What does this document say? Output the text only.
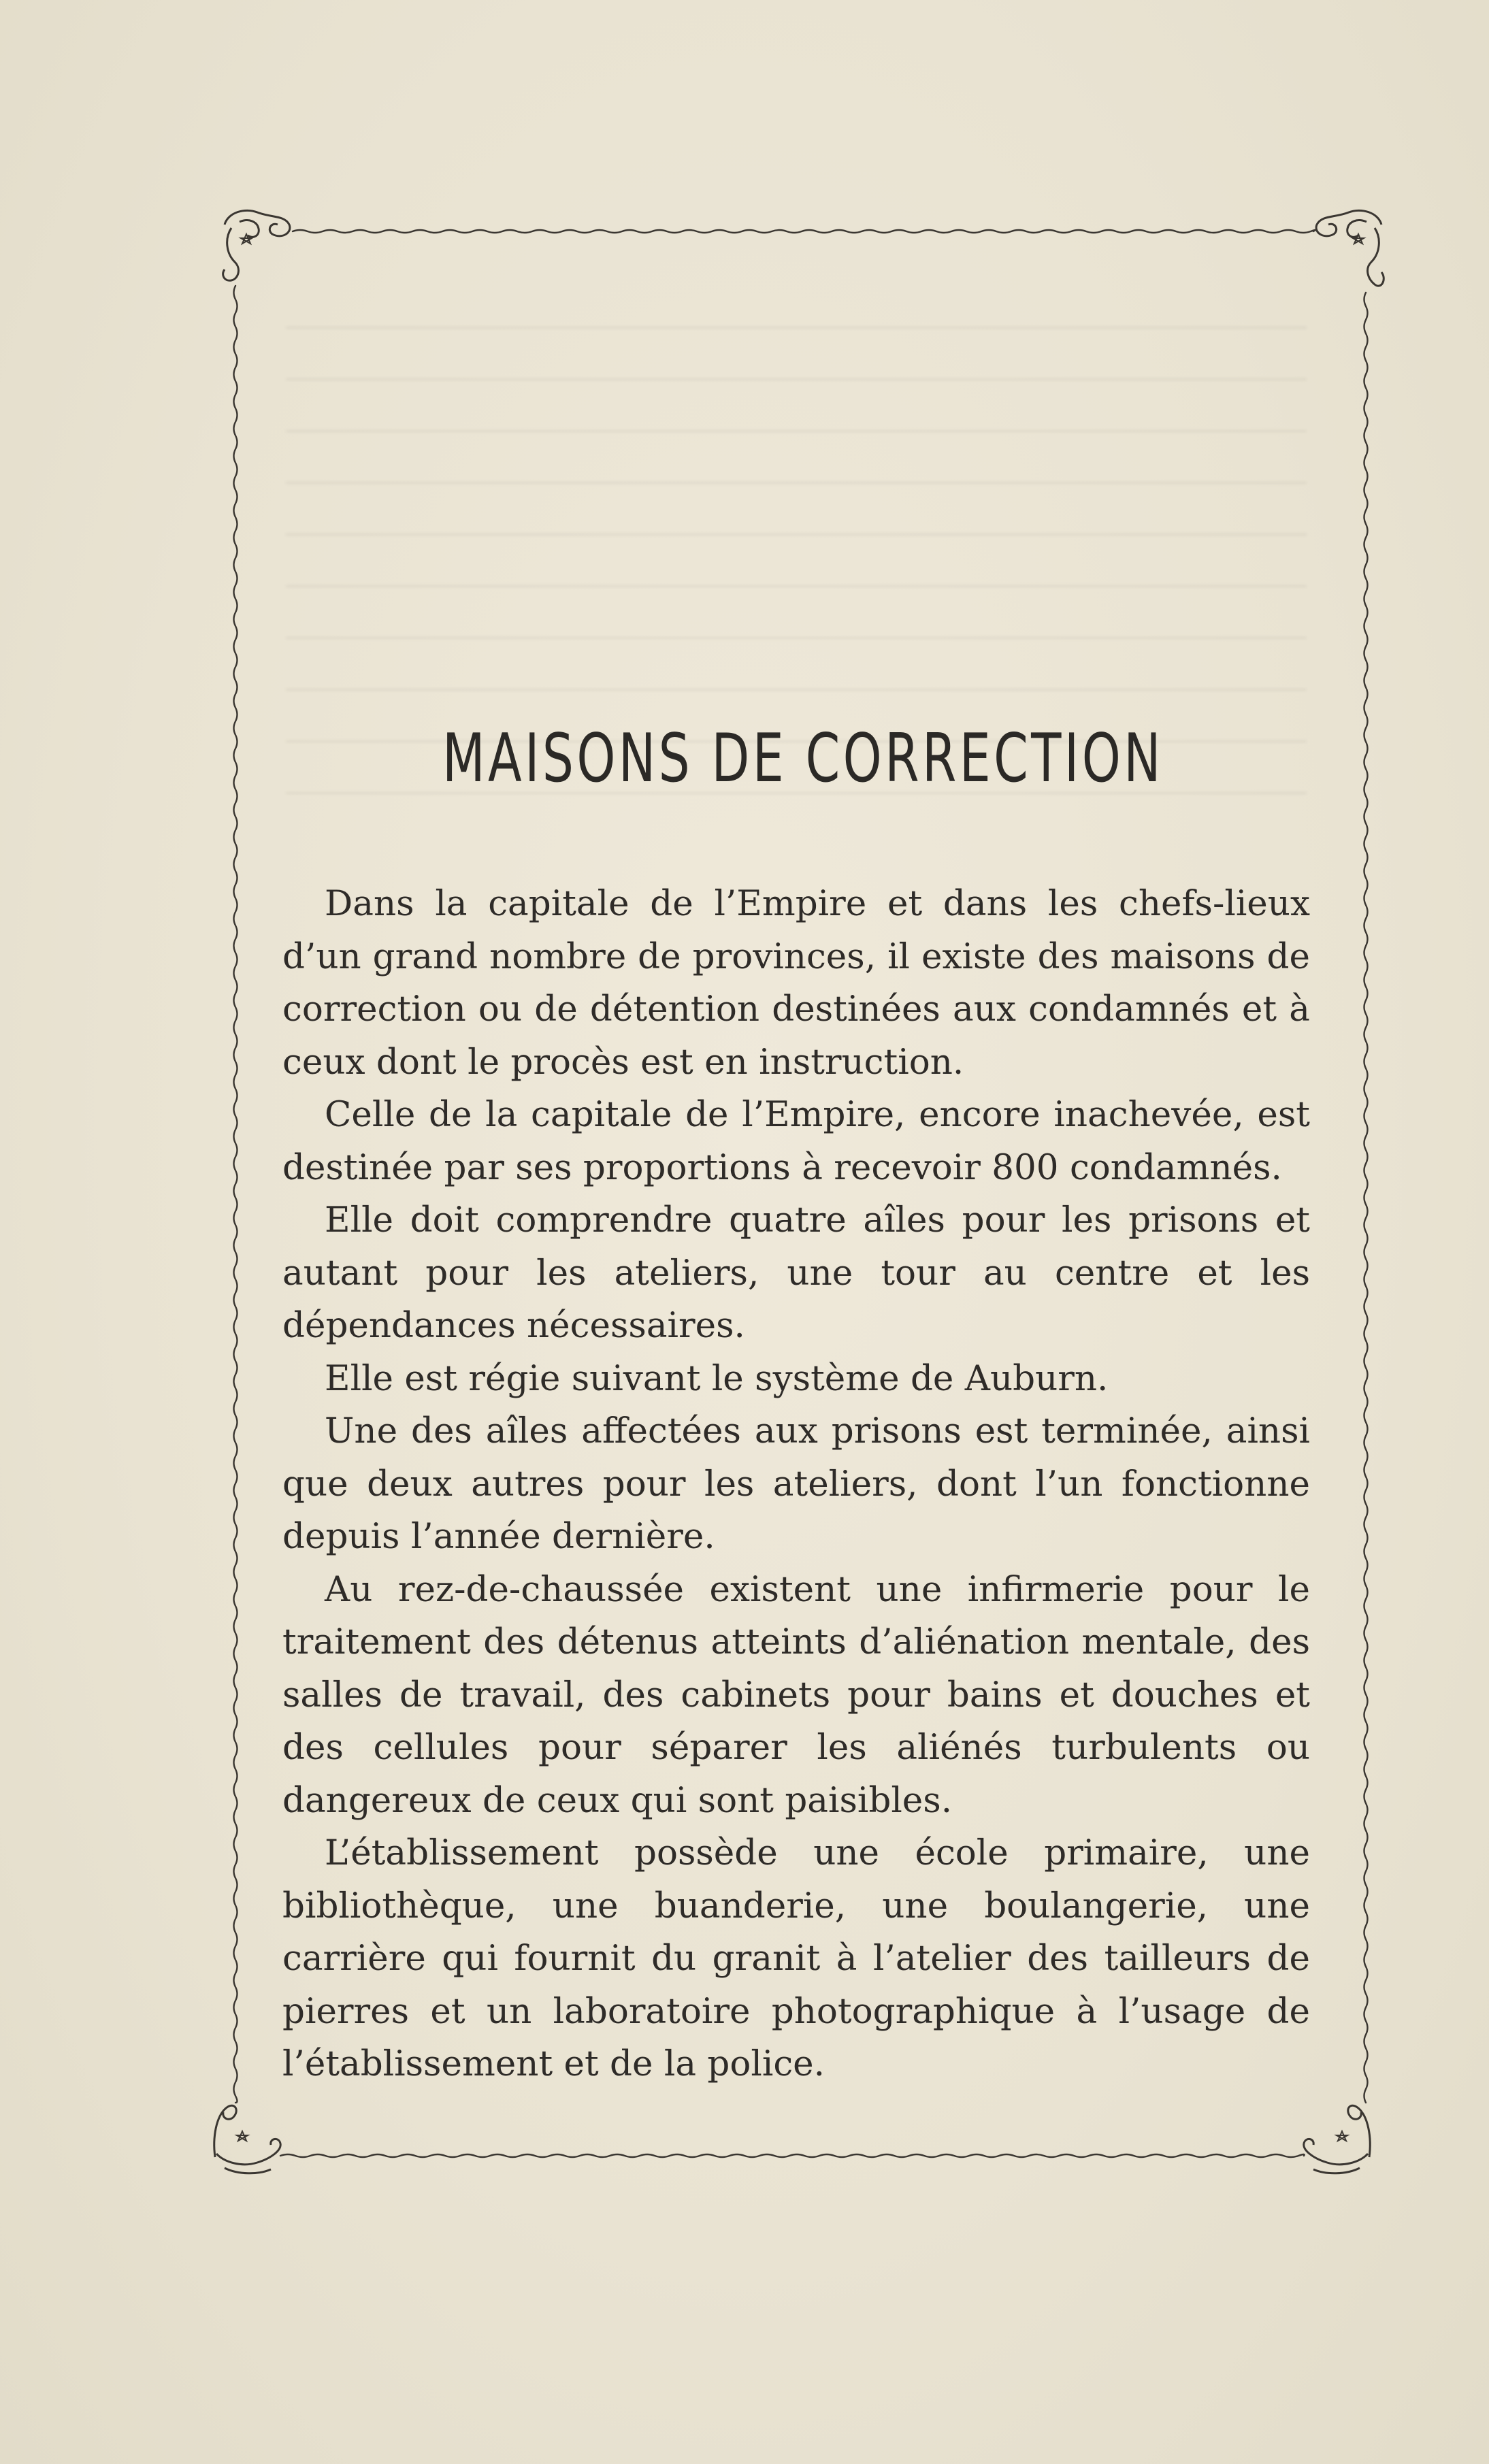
MAISONS DE CORRECTION

Dans la capitale de l’Empire et dans les chefs-lieux d’un grand nombre de provinces, il existe des maisons de correction ou de détention destinées aux condamnés et à ceux dont le procès est en instruction.

Celle de la capitale de l’Empire, encore inachevée, est destinée par ses proportions à recevoir 800 condamnés.

Elle doit comprendre quatre aîles pour les prisons et autant pour les ateliers, une tour au centre et les dépendances nécessaires.

Elle est régie suivant le système de Auburn.

Une des aîles affectées aux prisons est terminée, ainsi que deux autres pour les ateliers, dont l’un fonctionne depuis l’année dernière.

Au rez-de-chaussée existent une infirmerie pour le traitement des détenus atteints d’aliénation mentale, des salles de travail, des cabinets pour bains et douches et des cellules pour séparer les aliénés turbulents ou dangereux de ceux qui sont paisibles.

L’établissement possède une école primaire, une bibliothèque, une buanderie, une boulangerie, une carrière qui fournit du granit à l’atelier des tailleurs de pierres et un laboratoire photographique à l’usage de l’établissement et de la police.
